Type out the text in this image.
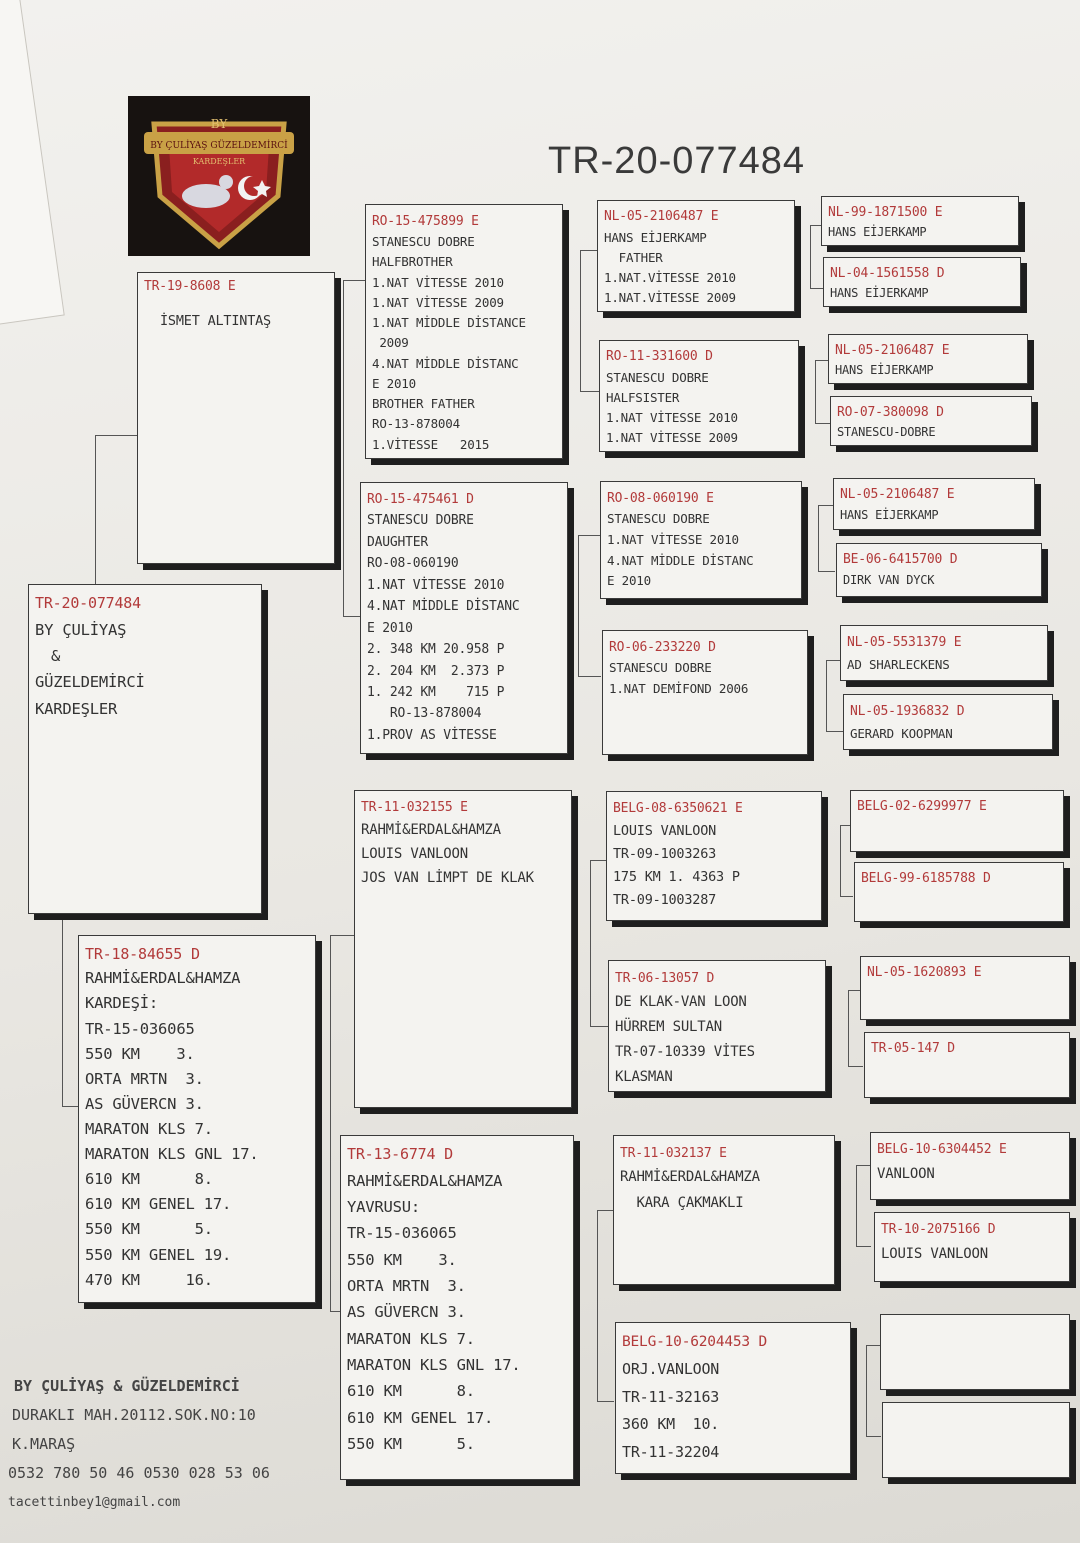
BY ÇULİYAŞ GÜZELDEMİRCİ
BY
KARDEŞLER	TR-20-077484
TR-19-8608 E
İSMET ALTINTAŞ
TR-20-077484
BY ÇULİYAŞ
&
GÜZELDEMİRCİ
KARDEŞLER
TR-18-84655 D
RAHMİ&ERDAL&HAMZA
KARDEŞİ:
TR-15-036065
550 KM    3.
ORTA MRTN  3.
AS GÜVERCN 3.
MARATON KLS 7.
MARATON KLS GNL 17.
610 KM      8.
610 KM GENEL 17.
550 KM      5.
550 KM GENEL 19.
470 KM     16.
RO-15-475899 E
STANESCU DOBRE
HALFBROTHER
1.NAT VİTESSE 2010
1.NAT VİTESSE 2009
1.NAT MİDDLE DİSTANCE
2009
4.NAT MİDDLE DİSTANC
E 2010
BROTHER FATHER
RO-13-878004
1.VİTESSE   2015
RO-15-475461 D
STANESCU DOBRE
DAUGHTER
RO-08-060190
1.NAT VİTESSE 2010
4.NAT MİDDLE DİSTANC
E 2010
2. 348 KM 20.958 P
2. 204 KM  2.373 P
1. 242 KM    715 P
RO-13-878004
1.PROV AS VİTESSE
TR-11-032155 E
RAHMİ&ERDAL&HAMZA
LOUIS VANLOON
JOS VAN LİMPT DE KLAK
TR-13-6774 D
RAHMİ&ERDAL&HAMZA
YAVRUSU:
TR-15-036065
550 KM    3.
ORTA MRTN  3.
AS GÜVERCN 3.
MARATON KLS 7.
MARATON KLS GNL 17.
610 KM      8.
610 KM GENEL 17.
550 KM      5.
NL-05-2106487 E
HANS EİJERKAMP
FATHER
1.NAT.VİTESSE 2010
1.NAT.VİTESSE 2009
RO-11-331600 D
STANESCU DOBRE
HALFSISTER
1.NAT VİTESSE 2010
1.NAT VİTESSE 2009
RO-08-060190 E
STANESCU DOBRE
1.NAT VİTESSE 2010
4.NAT MİDDLE DİSTANC
E 2010
RO-06-233220 D
STANESCU DOBRE
1.NAT DEMİFOND 2006
BELG-08-6350621 E
LOUIS VANLOON
TR-09-1003263
175 KM 1. 4363 P
TR-09-1003287
TR-06-13057 D
DE KLAK-VAN LOON
HÜRREM SULTAN
TR-07-10339 VİTES
KLASMAN
TR-11-032137 E
RAHMİ&ERDAL&HAMZA
KARA ÇAKMAKLI
BELG-10-6204453 D
ORJ.VANLOON
TR-11-32163
360 KM  10.
TR-11-32204
NL-99-1871500 E
HANS EİJERKAMP
NL-04-1561558 D
HANS EİJERKAMP
NL-05-2106487 E
HANS EİJERKAMP
RO-07-380098 D
STANESCU-DOBRE
NL-05-2106487 E
HANS EİJERKAMP
BE-06-6415700 D
DIRK VAN DYCK
NL-05-5531379 E
AD SHARLECKENS
NL-05-1936832 D
GERARD KOOPMAN
BELG-02-6299977 E
BELG-99-6185788 D
NL-05-1620893 E
TR-05-147 D
BELG-10-6304452 E
VANLOON
TR-10-2075166 D
LOUIS VANLOON
BY ÇULİYAŞ & GÜZELDEMİRCİ
DURAKLI MAH.20112.SOK.NO:10
K.MARAŞ
0532 780 50 46 0530 028 53 06
tacettinbey1@gmail.com
